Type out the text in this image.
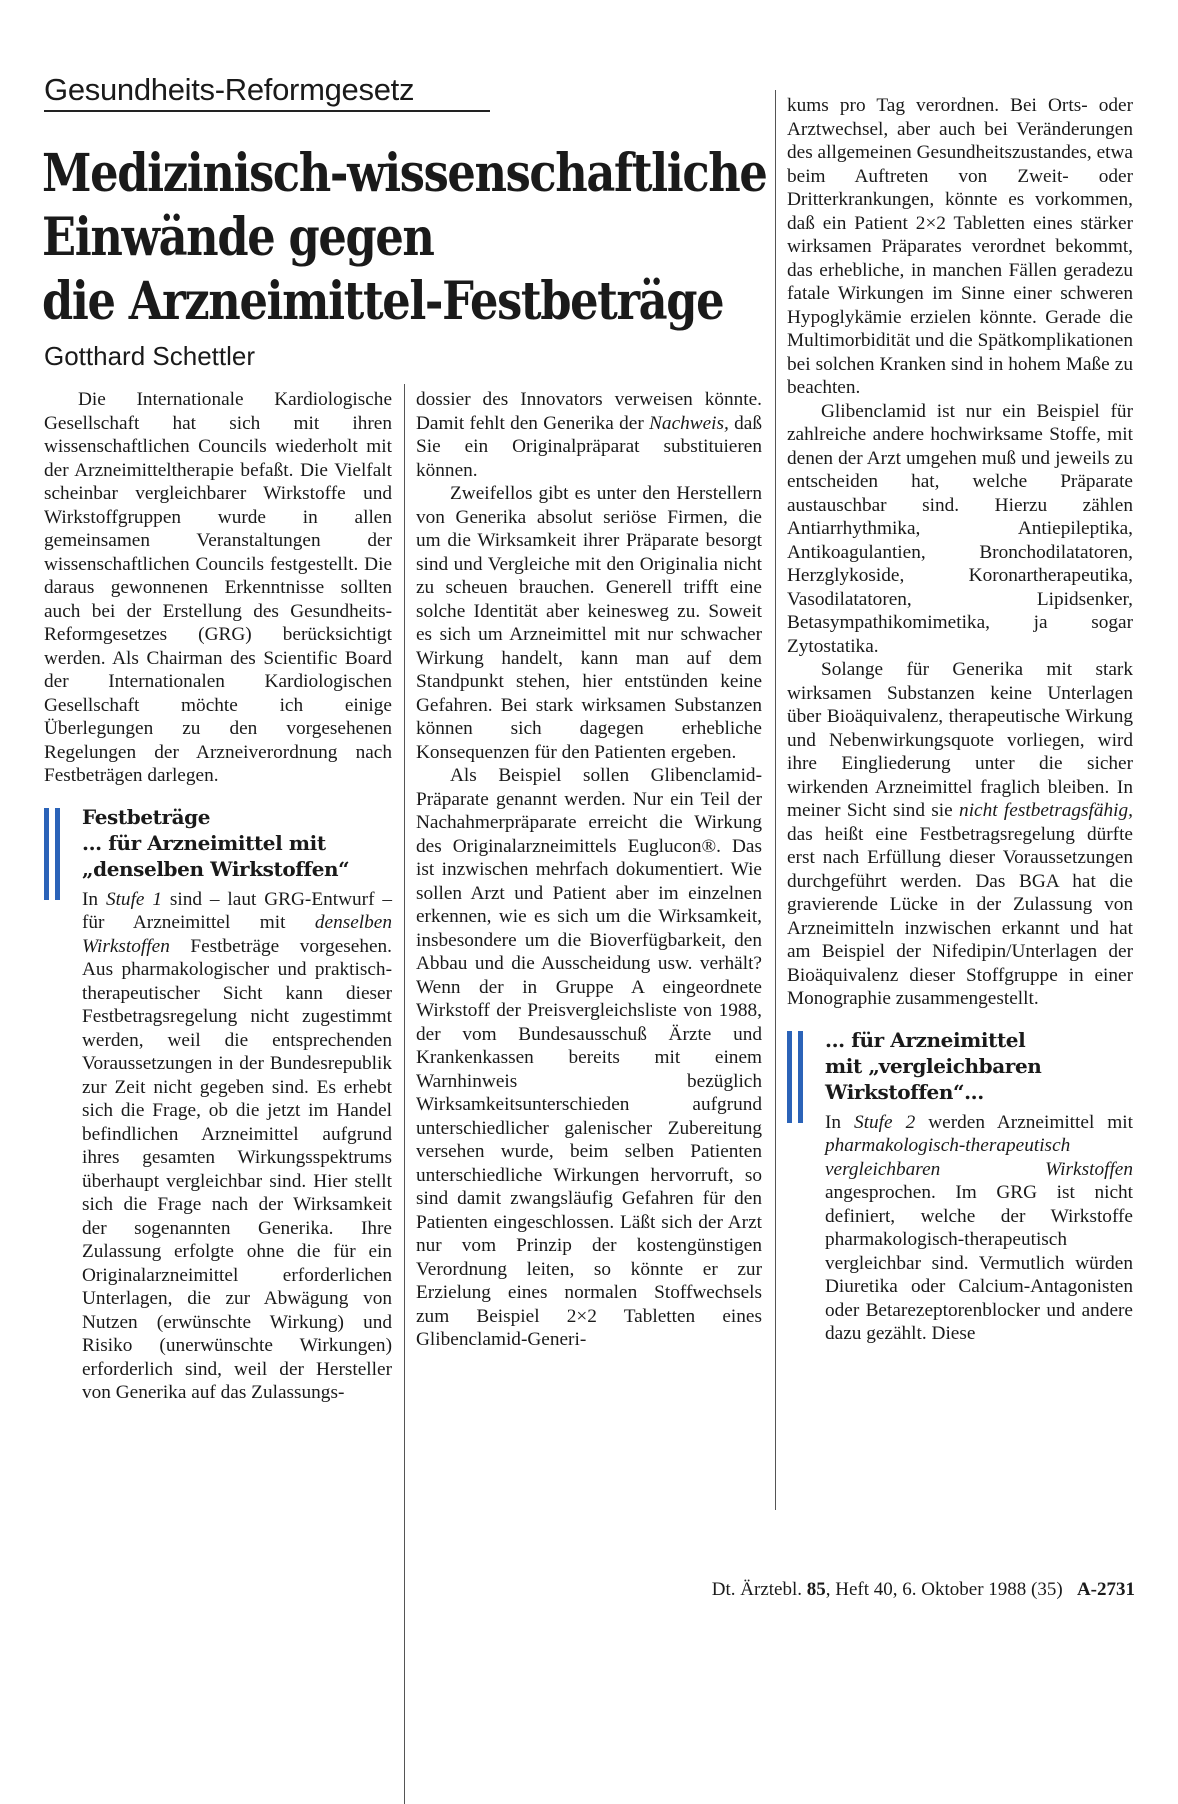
Gesundheits-Reformgesetz
Medizinisch-wissenschaftliche
Einwände gegen
die Arzneimittel-Festbeträge
Gotthard Schettler

Die Internationale Kardiologische Gesellschaft hat sich mit ihren wissenschaftlichen Councils wiederholt mit der Arzneimitteltherapie befaßt. Die Vielfalt scheinbar vergleichbarer Wirkstoffe und Wirkstoffgruppen wurde in allen gemeinsamen Veranstaltungen der wissenschaftlichen Councils festgestellt. Die daraus gewonnenen Erkenntnisse sollten auch bei der Erstellung des Gesundheits-Reformgesetzes (GRG) berücksichtigt werden. Als Chairman des Scientific Board der Internationalen Kardiologischen Gesellschaft möchte ich einige Überlegungen zu den vorgesehenen Regelungen der Arzneiverordnung nach Festbeträgen darlegen.

Festbeträge
... für Arzneimittel mit
„denselben Wirkstoffen“

In Stufe 1 sind – laut GRG-Entwurf – für Arzneimittel mit denselben Wirkstoffen Festbeträge vorgesehen. Aus pharmakologischer und praktisch-therapeutischer Sicht kann dieser Festbetragsregelung nicht zugestimmt werden, weil die entsprechenden Voraussetzungen in der Bundesrepublik zur Zeit nicht gegeben sind. Es erhebt sich die Frage, ob die jetzt im Handel befindlichen Arzneimittel aufgrund ihres gesamten Wirkungsspektrums überhaupt vergleichbar sind. Hier stellt sich die Frage nach der Wirksamkeit der sogenannten Generika. Ihre Zulassung erfolgte ohne die für ein Originalarzneimittel erforderlichen Unterlagen, die zur Abwägung von Nutzen (erwünschte Wirkung) und Risiko (unerwünschte Wirkungen) erforderlich sind, weil der Hersteller von Generika auf das Zulassungs-

dossier des Innovators verweisen könnte. Damit fehlt den Generika der Nachweis, daß Sie ein Originalpräparat substituieren können.

Zweifellos gibt es unter den Herstellern von Generika absolut seriöse Firmen, die um die Wirksamkeit ihrer Präparate besorgt sind und Vergleiche mit den Originalia nicht zu scheuen brauchen. Generell trifft eine solche Identität aber keinesweg zu. Soweit es sich um Arzneimittel mit nur schwacher Wirkung handelt, kann man auf dem Standpunkt stehen, hier entstünden keine Gefahren. Bei stark wirksamen Substanzen können sich dagegen erhebliche Konsequenzen für den Patienten ergeben.

Als Beispiel sollen Glibenclamid-Präparate genannt werden. Nur ein Teil der Nachahmerpräparate erreicht die Wirkung des Originalarzneimittels Euglucon®. Das ist inzwischen mehrfach dokumentiert. Wie sollen Arzt und Patient aber im einzelnen erkennen, wie es sich um die Wirksamkeit, insbesondere um die Bioverfügbarkeit, den Abbau und die Ausscheidung usw. verhält? Wenn der in Gruppe A eingeordnete Wirkstoff der Preisvergleichsliste von 1988, der vom Bundesausschuß Ärzte und Krankenkassen bereits mit einem Warnhinweis bezüglich Wirksamkeitsunterschieden aufgrund unterschiedlicher galenischer Zubereitung versehen wurde, beim selben Patienten unterschiedliche Wirkungen hervorruft, so sind damit zwangsläufig Gefahren für den Patienten eingeschlossen. Läßt sich der Arzt nur vom Prinzip der kostengünstigen Verordnung leiten, so könnte er zur Erzielung eines normalen Stoffwechsels zum Beispiel 2×2 Tabletten eines Glibenclamid-Generi-

kums pro Tag verordnen. Bei Orts- oder Arztwechsel, aber auch bei Veränderungen des allgemeinen Gesundheitszustandes, etwa beim Auftreten von Zweit- oder Dritterkrankungen, könnte es vorkommen, daß ein Patient 2×2 Tabletten eines stärker wirksamen Präparates verordnet bekommt, das erhebliche, in manchen Fällen geradezu fatale Wirkungen im Sinne einer schweren Hypoglykämie erzielen könnte. Gerade die Multimorbidität und die Spätkomplikationen bei solchen Kranken sind in hohem Maße zu beachten.

Glibenclamid ist nur ein Beispiel für zahlreiche andere hochwirksame Stoffe, mit denen der Arzt umgehen muß und jeweils zu entscheiden hat, welche Präparate austauschbar sind. Hierzu zählen Antiarrhythmika, Antiepileptika, Antikoagulantien, Bronchodilatatoren, Herzglykoside, Koronartherapeutika, Vasodilatatoren, Lipidsenker, Betasympathikomimetika, ja sogar Zytostatika.

Solange für Generika mit stark wirksamen Substanzen keine Unterlagen über Bioäquivalenz, therapeutische Wirkung und Nebenwirkungsquote vorliegen, wird ihre Eingliederung unter die sicher wirkenden Arzneimittel fraglich bleiben. In meiner Sicht sind sie nicht festbetragsfähig, das heißt eine Festbetragsregelung dürfte erst nach Erfüllung dieser Voraussetzungen durchgeführt werden. Das BGA hat die gravierende Lücke in der Zulassung von Arzneimitteln inzwischen erkannt und hat am Beispiel der Nifedipin/Unterlagen der Bioäquivalenz dieser Stoffgruppe in einer Monographie zusammengestellt.

... für Arzneimittel
mit „vergleichbaren
Wirkstoffen“...

In Stufe 2 werden Arzneimittel mit pharmakologisch-therapeutisch vergleichbaren Wirkstoffen angesprochen. Im GRG ist nicht definiert, welche der Wirkstoffe pharmakologisch-therapeutisch vergleichbar sind. Vermutlich würden Diuretika oder Calcium-Antagonisten oder Betarezeptorenblocker und andere dazu gezählt. Diese

Dt. Ärztebl. 85, Heft 40, 6. Oktober 1988 (35) A-2731
